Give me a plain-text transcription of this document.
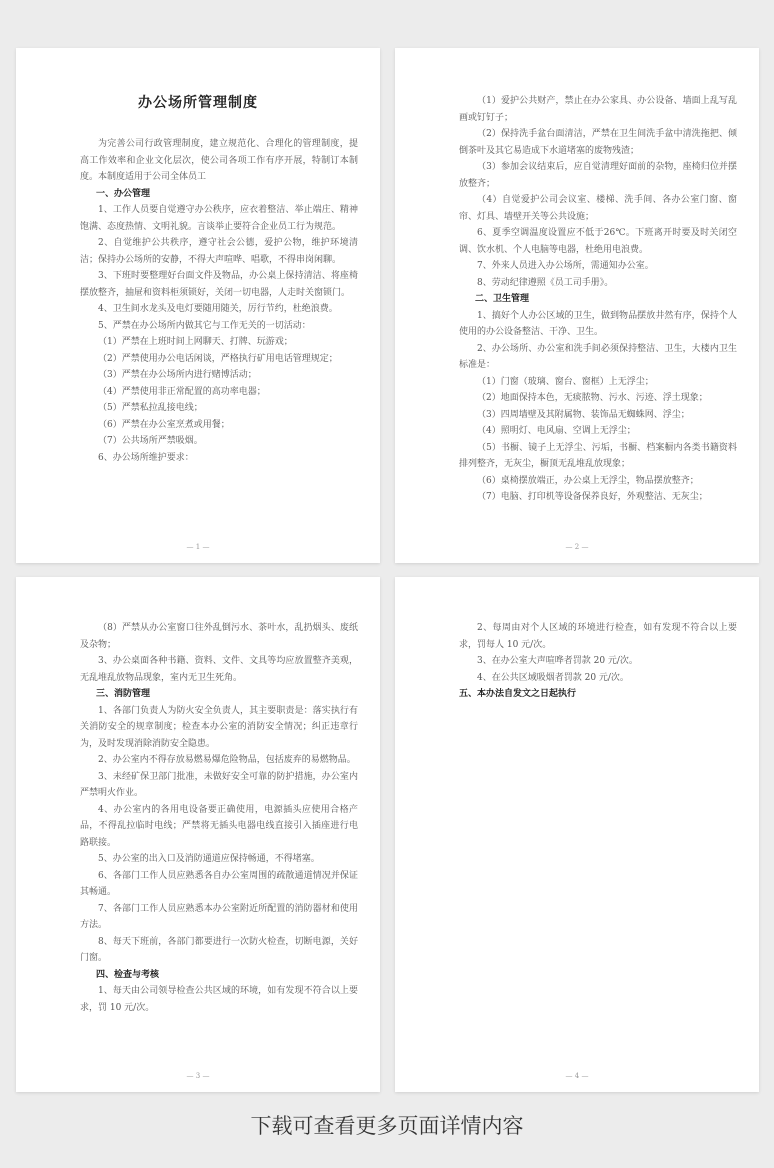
办公场所管理制度

为完善公司行政管理制度，建立规范化、合理化的管理制度，提高工作效率和企业文化层次，使公司各项工作有序开展，特制订本制度。本制度适用于公司全体员工

一、办公管理

1、工作人员要自觉遵守办公秩序，应衣着整洁、举止端庄、精神饱满、态度热情、文明礼貌。言谈举止要符合企业员工行为规范。

2、自觉维护公共秩序，遵守社会公德，爱护公物，维护环境清洁；保持办公场所的安静，不得大声喧哗、唱歌，不得串岗闲聊。

3、下班时要整理好台面文件及物品，办公桌上保持清洁、将座椅摆放整齐，抽屉和资料柜须锁好，关闭一切电器，人走时关窗锁门。

4、卫生间水龙头及电灯要随用随关，厉行节约，杜绝浪费。

5、严禁在办公场所内做其它与工作无关的一切活动：

（1）严禁在上班时间上网聊天、打牌、玩游戏；

（2）严禁使用办公电话闲谈，严格执行矿用电话管理规定；

（3）严禁在办公场所内进行赌博活动；

（4）严禁使用非正常配置的高功率电器；

（5）严禁私拉乱接电线；

（6）严禁在办公室烹煮或用餐；

（7）公共场所严禁吸烟。

6、办公场所维护要求：

— 1 —

（1）爱护公共财产，禁止在办公家具、办公设备、墙面上乱写乱画或钉钉子；

（2）保持洗手盆台面清洁，严禁在卫生间洗手盆中清洗拖把、倾倒茶叶及其它易造成下水道堵塞的废物残渣；

（3）参加会议结束后，应自觉清理好面前的杂物，座椅归位并摆放整齐；

（4）自觉爱护公司会议室、楼梯、洗手间、各办公室门窗、窗帘、灯具、墙壁开关等公共设施；

6、夏季空调温度设置应不低于26℃。下班离开时要及时关闭空调、饮水机、个人电脑等电器，杜绝用电浪费。

7、外来人员进入办公场所，需通知办公室。

8、劳动纪律遵照《员工司手册》。

二、卫生管理

1、搞好个人办公区域的卫生，做到物品摆放井然有序，保持个人使用的办公设备整洁、干净、卫生。

2、办公场所、办公室和洗手间必须保持整洁、卫生，大楼内卫生标准是：

（1）门窗（玻璃、窗台、窗框）上无浮尘；

（2）地面保持本色，无痰脓物、污水、污迹、浮土现象；

（3）四周墙壁及其附属物、装饰品无蜘蛛网、浮尘；

（4）照明灯、电风扇、空调上无浮尘；

（5）书橱、镜子上无浮尘、污垢，书橱、档案橱内各类书籍资料排列整齐，无灰尘，橱顶无乱堆乱放现象；

（6）桌椅摆放端正，办公桌上无浮尘，物品摆放整齐；

（7）电脑、打印机等设备保养良好，外观整洁、无灰尘；

— 2 —

（8）严禁从办公室窗口往外乱倒污水、茶叶水，乱扔烟头、废纸及杂物；

3、办公桌面各种书籍、资料、文件、文具等均应放置整齐美观，无乱堆乱放物品现象，室内无卫生死角。

三、消防管理

1、各部门负责人为防火安全负责人，其主要职责是：落实执行有关消防安全的规章制度；检查本办公室的消防安全情况；纠正违章行为，及时发现消除消防安全隐患。

2、办公室内不得存放易燃易爆危险物品，包括废弃的易燃物品。

3、未经矿保卫部门批准，未做好安全可靠的防护措施，办公室内严禁明火作业。

4、办公室内的各用电设备要正确使用，电源插头应使用合格产品，不得乱拉临时电线；严禁将无插头电器电线直接引入插座进行电路联接。

5、办公室的出入口及消防通道应保持畅通，不得堵塞。

6、各部门工作人员应熟悉各自办公室周围的疏散通道情况并保证其畅通。

7、各部门工作人员应熟悉本办公室附近所配置的消防器材和使用方法。

8、每天下班前，各部门都要进行一次防火检查，切断电源，关好门窗。

四、检查与考核

1、每天由公司领导检查公共区域的环境，如有发现不符合以上要求，罚 10 元/次。

— 3 —

2、每周由对个人区域的环境进行检查，如有发现不符合以上要求，罚每人 10 元/次。

3、在办公室大声喧哗者罚款 20 元/次。

4、在公共区域吸烟者罚款 20 元/次。

五、本办法自发文之日起执行

— 4 —
下载可查看更多页面详情内容
